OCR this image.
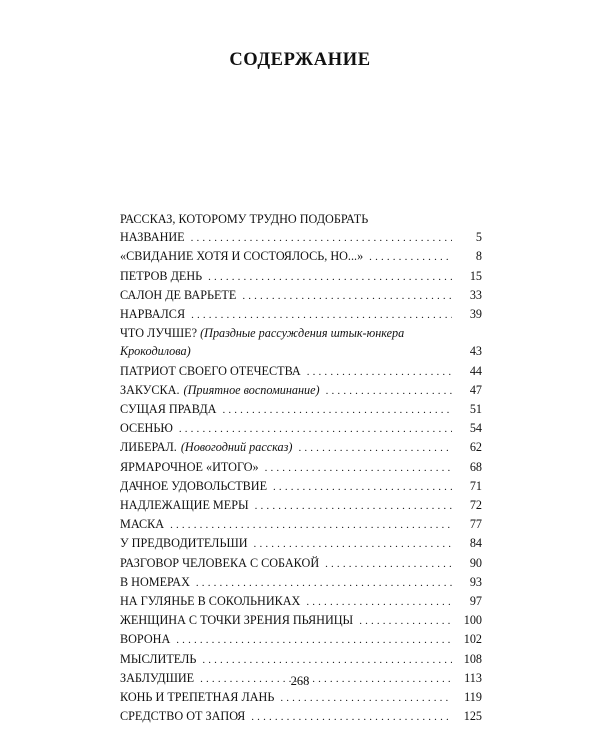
СОДЕРЖАНИЕ
РАССКАЗ, КОТОРОМУ ТРУДНО ПОДОБРАТЬ
НАЗВАНИЕ . . .	5
«СВИДАНИЕ ХОТЯ И СОСТОЯЛОСЬ, НО...» . . .	8
ПЕТРОВ ДЕНЬ . . .	15
САЛОН ДЕ ВАРЬЕТЕ . . .	33
НАРВАЛСЯ . . .	39
ЧТО ЛУЧШЕ? (Праздные рассуждения штык-юнкера
Крокодилова)	43
ПАТРИОТ СВОЕГО ОТЕЧЕСТВА . . .	44
ЗАКУСКА. (Приятное воспоминание) . . .	47
СУЩАЯ ПРАВДА . . .	51
ОСЕНЬЮ . . .	54
ЛИБЕРАЛ. (Новогодний рассказ) . . .	62
ЯРМАРОЧНОЕ «ИТОГО» . . .	68
ДАЧНОЕ УДОВОЛЬСТВИЕ . . .	71
НАДЛЕЖАЩИЕ МЕРЫ . . .	72
МАСКА . . .	77
У ПРЕДВОДИТЕЛЬШИ . . .	84
РАЗГОВОР ЧЕЛОВЕКА С СОБАКОЙ . . .	90
В НОМЕРАХ . . .	93
НА ГУЛЯНЬЕ В СОКОЛЬНИКАХ . . .	97
ЖЕНЩИНА С ТОЧКИ ЗРЕНИЯ ПЬЯНИЦЫ . . .	100
ВОРОНА . . .	102
МЫСЛИТЕЛЬ . . .	108
ЗАБЛУДШИЕ . . .	113
КОНЬ И ТРЕПЕТНАЯ ЛАНЬ . . .	119
СРЕДСТВО ОТ ЗАПОЯ . . .	125

268
